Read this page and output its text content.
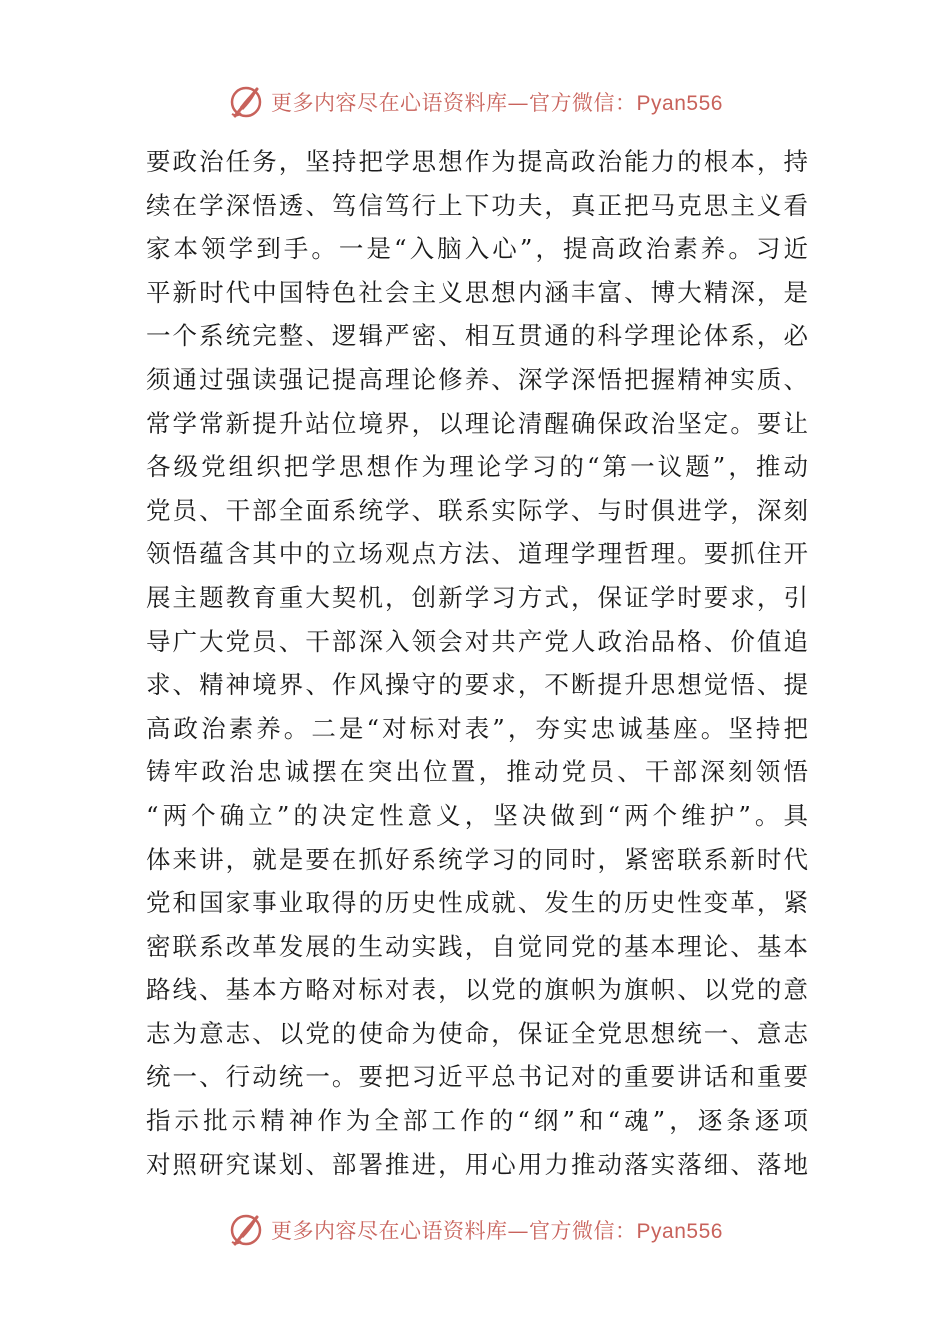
更多内容尽在心语资料库—官方微信：Pyan556
要政治任务，坚持把学思想作为提高政治能力的根本，持
续在学深悟透、笃信笃行上下功夫，真正把马克思主义看
家本领学到手。一是“入脑入心”，提高政治素养。习近
平新时代中国特色社会主义思想内涵丰富、博大精深，是
一个系统完整、逻辑严密、相互贯通的科学理论体系，必
须通过强读强记提高理论修养、深学深悟把握精神实质、
常学常新提升站位境界，以理论清醒确保政治坚定。要让
各级党组织把学思想作为理论学习的“第一议题”，推动
党员、干部全面系统学、联系实际学、与时俱进学，深刻
领悟蕴含其中的立场观点方法、道理学理哲理。要抓住开
展主题教育重大契机，创新学习方式，保证学时要求，引
导广大党员、干部深入领会对共产党人政治品格、价值追
求、精神境界、作风操守的要求，不断提升思想觉悟、提
高政治素养。二是“对标对表”，夯实忠诚基座。坚持把
铸牢政治忠诚摆在突出位置，推动党员、干部深刻领悟
“两个确立”的决定性意义，坚决做到“两个维护”。具
体来讲，就是要在抓好系统学习的同时，紧密联系新时代
党和国家事业取得的历史性成就、发生的历史性变革，紧
密联系改革发展的生动实践，自觉同党的基本理论、基本
路线、基本方略对标对表，以党的旗帜为旗帜、以党的意
志为意志、以党的使命为使命，保证全党思想统一、意志
统一、行动统一。要把习近平总书记对的重要讲话和重要
指示批示精神作为全部工作的“纲”和“魂”，逐条逐项
对照研究谋划、部署推进，用心用力推动落实落细、落地
更多内容尽在心语资料库—官方微信：Pyan556
